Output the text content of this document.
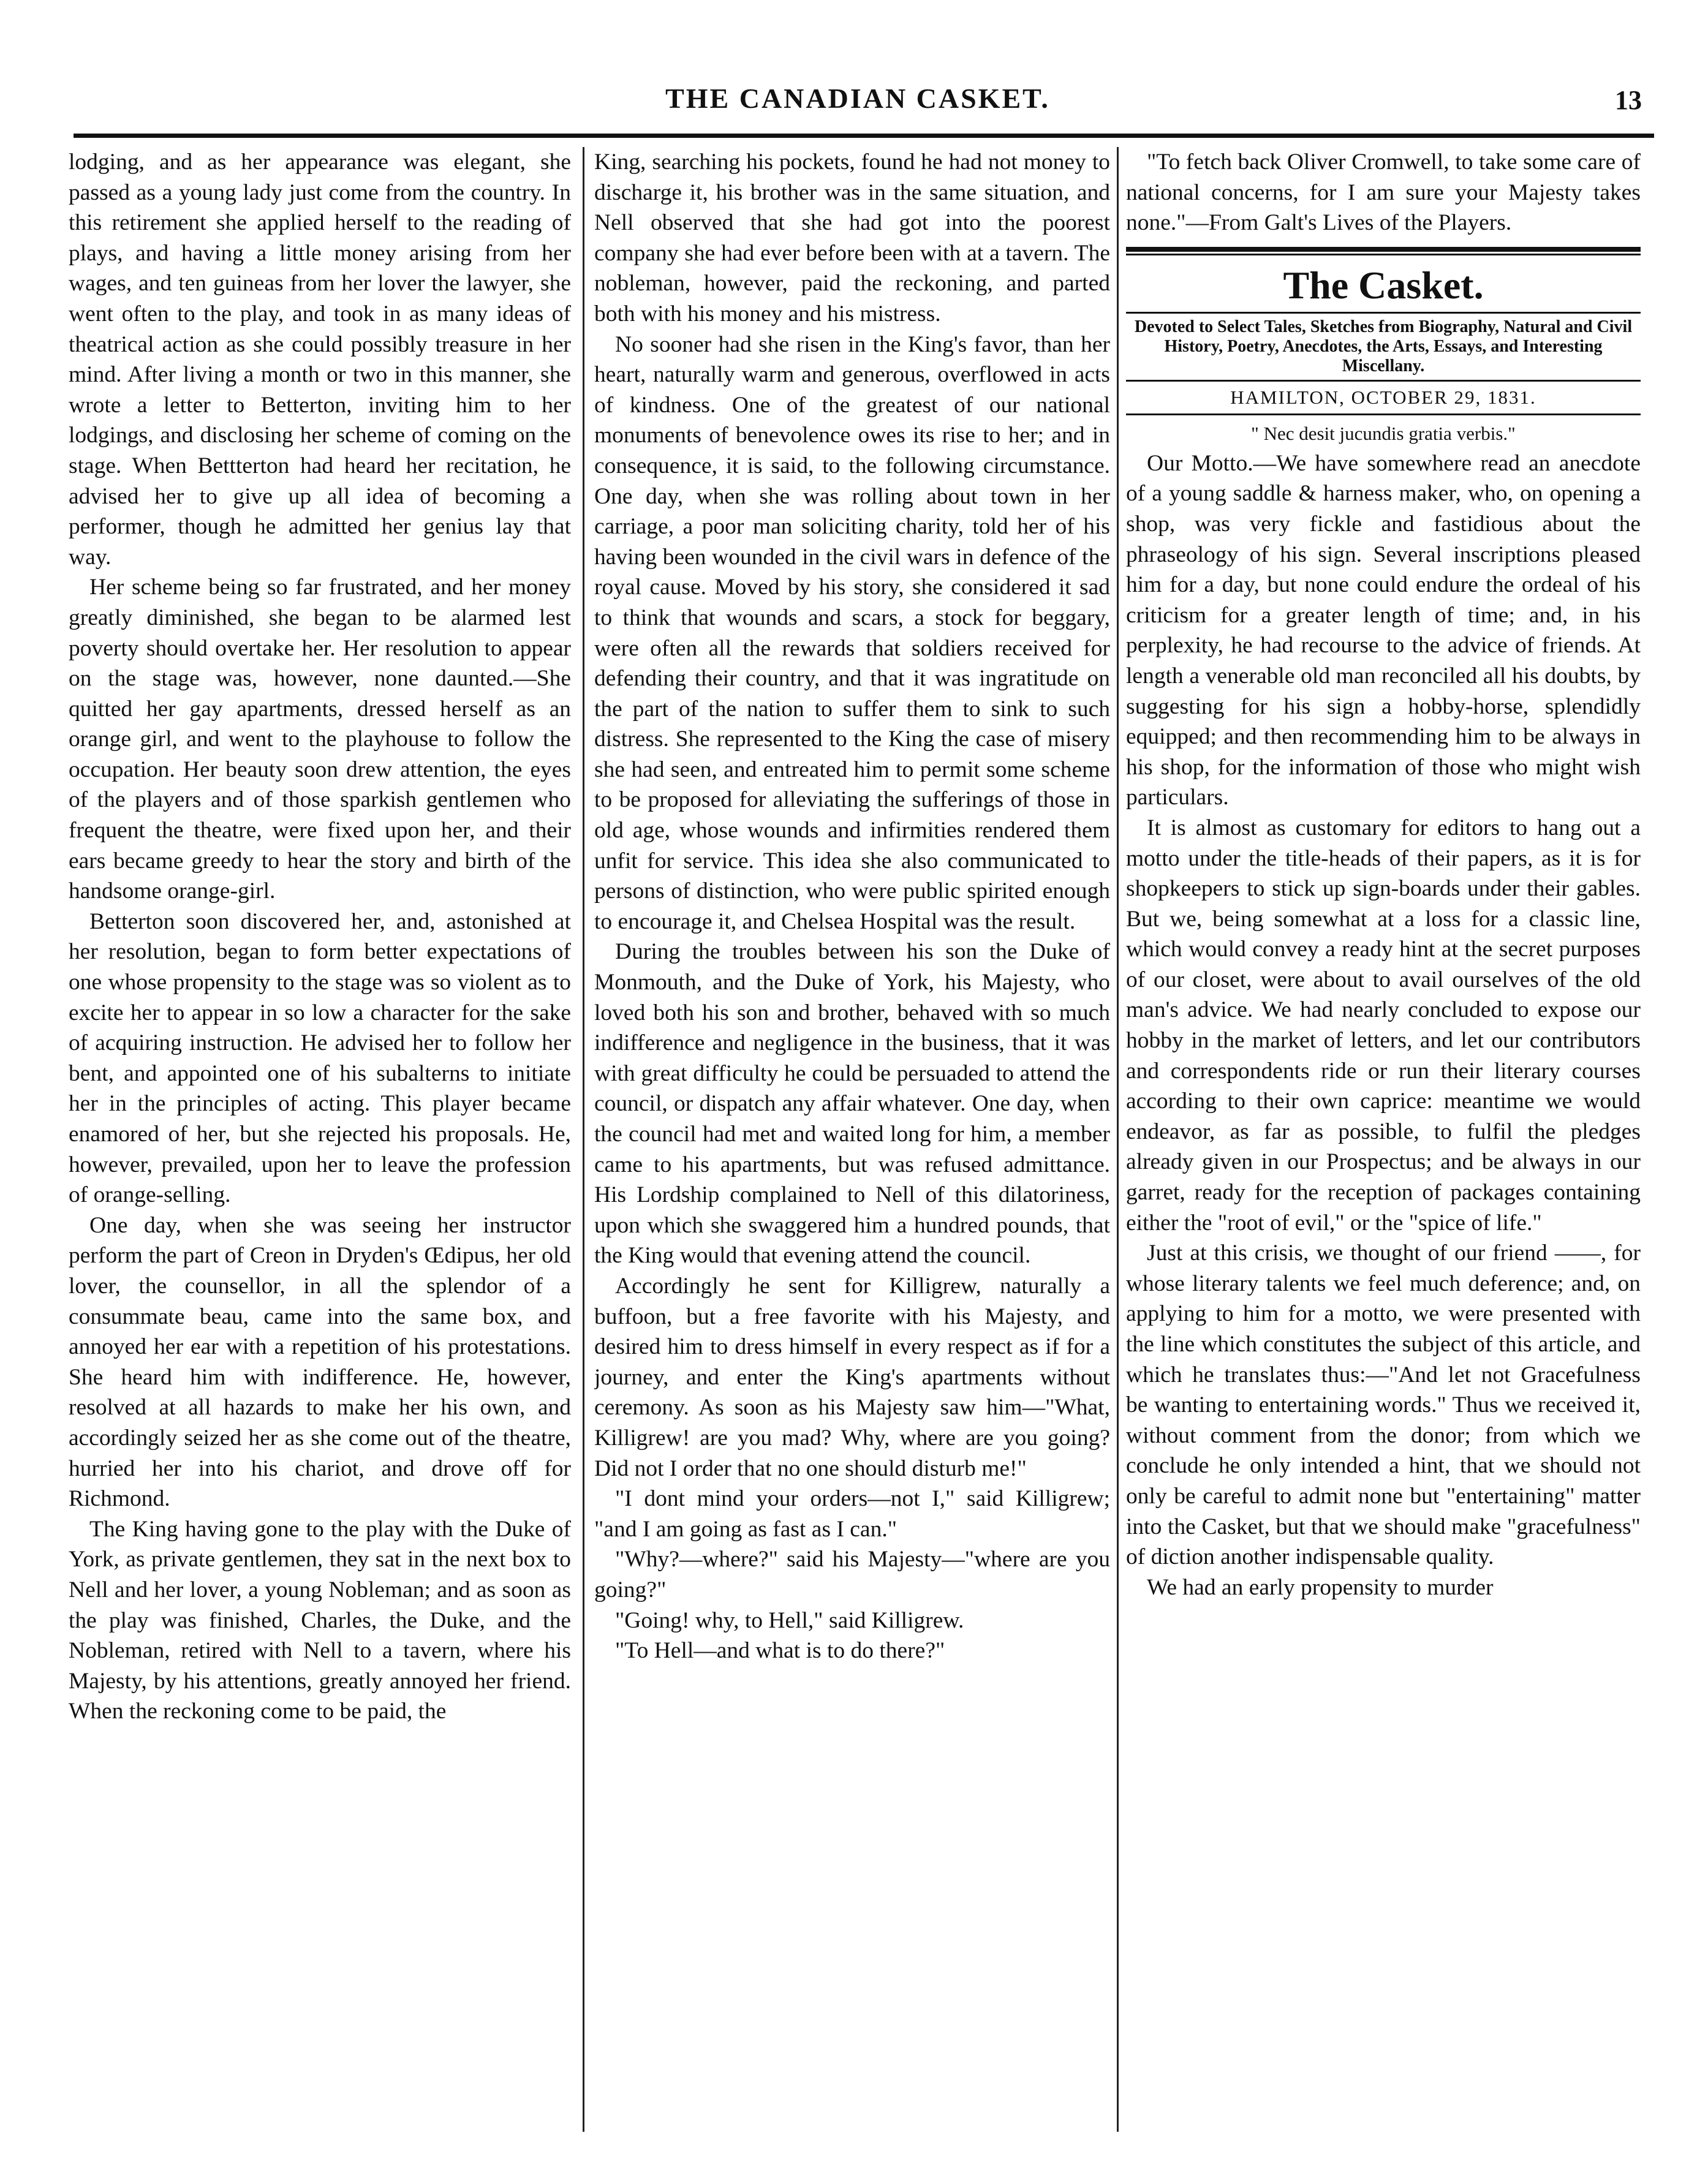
THE CANADIAN CASKET.	13

lodging, and as her appearance was elegant, she passed as a young lady just come from the country. In this retirement she applied herself to the reading of plays, and having a little money arising from her wages, and ten guineas from her lover the lawyer, she went often to the play, and took in as many ideas of theatrical action as she could possibly treasure in her mind. After living a month or two in this manner, she wrote a letter to Betterton, inviting him to her lodgings, and disclosing her scheme of coming on the stage. When Bettterton had heard her recitation, he advised her to give up all idea of becoming a performer, though he admitted her genius lay that way.

Her scheme being so far frustrated, and her money greatly diminished, she began to be alarmed lest poverty should overtake her. Her resolution to appear on the stage was, however, none daunted.—She quitted her gay apartments, dressed herself as an orange girl, and went to the playhouse to follow the occupation. Her beauty soon drew attention, the eyes of the players and of those sparkish gentlemen who frequent the theatre, were fixed upon her, and their ears became greedy to hear the story and birth of the handsome orange-girl.

Betterton soon discovered her, and, astonished at her resolution, began to form better expectations of one whose propensity to the stage was so violent as to excite her to appear in so low a character for the sake of acquiring instruction. He advised her to follow her bent, and appointed one of his subalterns to initiate her in the principles of acting. This player became enamored of her, but she rejected his proposals. He, however, prevailed, upon her to leave the profession of orange-selling.

One day, when she was seeing her instructor perform the part of Creon in Dryden's Œdipus, her old lover, the counsellor, in all the splendor of a consummate beau, came into the same box, and annoyed her ear with a repetition of his protestations. She heard him with indifference. He, however, resolved at all hazards to make her his own, and accordingly seized her as she come out of the theatre, hurried her into his chariot, and drove off for Richmond.

The King having gone to the play with the Duke of York, as private gentlemen, they sat in the next box to Nell and her lover, a young Nobleman; and as soon as the play was finished, Charles, the Duke, and the Nobleman, retired with Nell to a tavern, where his Majesty, by his attentions, greatly annoyed her friend. When the reckoning come to be paid, the

King, searching his pockets, found he had not money to discharge it, his brother was in the same situation, and Nell observed that she had got into the poorest company she had ever before been with at a tavern. The nobleman, however, paid the reckoning, and parted both with his money and his mistress.

No sooner had she risen in the King's favor, than her heart, naturally warm and generous, overflowed in acts of kindness. One of the greatest of our national monuments of benevolence owes its rise to her; and in consequence, it is said, to the following circumstance. One day, when she was rolling about town in her carriage, a poor man soliciting charity, told her of his having been wounded in the civil wars in defence of the royal cause. Moved by his story, she considered it sad to think that wounds and scars, a stock for beggary, were often all the rewards that soldiers received for defending their country, and that it was ingratitude on the part of the nation to suffer them to sink to such distress. She represented to the King the case of misery she had seen, and entreated him to permit some scheme to be proposed for alleviating the sufferings of those in old age, whose wounds and infirmities rendered them unfit for service. This idea she also communicated to persons of distinction, who were public spirited enough to encourage it, and Chelsea Hospital was the result.

During the troubles between his son the Duke of Monmouth, and the Duke of York, his Majesty, who loved both his son and brother, behaved with so much indifference and negligence in the business, that it was with great difficulty he could be persuaded to attend the council, or dispatch any affair whatever. One day, when the council had met and waited long for him, a member came to his apartments, but was refused admittance. His Lordship complained to Nell of this dilatoriness, upon which she swaggered him a hundred pounds, that the King would that evening attend the council.

Accordingly he sent for Killigrew, naturally a buffoon, but a free favorite with his Majesty, and desired him to dress himself in every respect as if for a journey, and enter the King's apartments without ceremony. As soon as his Majesty saw him—"What, Killigrew! are you mad? Why, where are you going? Did not I order that no one should disturb me!"

"I dont mind your orders—not I," said Killigrew; "and I am going as fast as I can."

"Why?—where?" said his Majesty—"where are you going?"

"Going! why, to Hell," said Killigrew.

"To Hell—and what is to do there?"

"To fetch back Oliver Cromwell, to take some care of national concerns, for I am sure your Majesty takes none."—From Galt's Lives of the Players.

The Casket.
Devoted to Select Tales, Sketches from Biography, Natural and Civil History, Poetry, Anecdotes, the Arts, Essays, and Interesting Miscellany.
HAMILTON, OCTOBER 29, 1831.
" Nec desit jucundis gratia verbis."

Our Motto.—We have somewhere read an anecdote of a young saddle & harness maker, who, on opening a shop, was very fickle and fastidious about the phraseology of his sign. Several inscriptions pleased him for a day, but none could endure the ordeal of his criticism for a greater length of time; and, in his perplexity, he had recourse to the advice of friends. At length a venerable old man reconciled all his doubts, by suggesting for his sign a hobby-horse, splendidly equipped; and then recommending him to be always in his shop, for the information of those who might wish particulars.

It is almost as customary for editors to hang out a motto under the title-heads of their papers, as it is for shopkeepers to stick up sign-boards under their gables. But we, being somewhat at a loss for a classic line, which would convey a ready hint at the secret purposes of our closet, were about to avail ourselves of the old man's advice. We had nearly concluded to expose our hobby in the market of letters, and let our contributors and correspondents ride or run their literary courses according to their own caprice: meantime we would endeavor, as far as possible, to fulfil the pledges already given in our Prospectus; and be always in our garret, ready for the reception of packages containing either the "root of evil," or the "spice of life."

Just at this crisis, we thought of our friend ——, for whose literary talents we feel much deference; and, on applying to him for a motto, we were presented with the line which constitutes the subject of this article, and which he translates thus:—"And let not Gracefulness be wanting to entertaining words." Thus we received it, without comment from the donor; from which we conclude he only intended a hint, that we should not only be careful to admit none but "entertaining" matter into the Casket, but that we should make "gracefulness" of diction another indispensable quality.

We had an early propensity to murder
